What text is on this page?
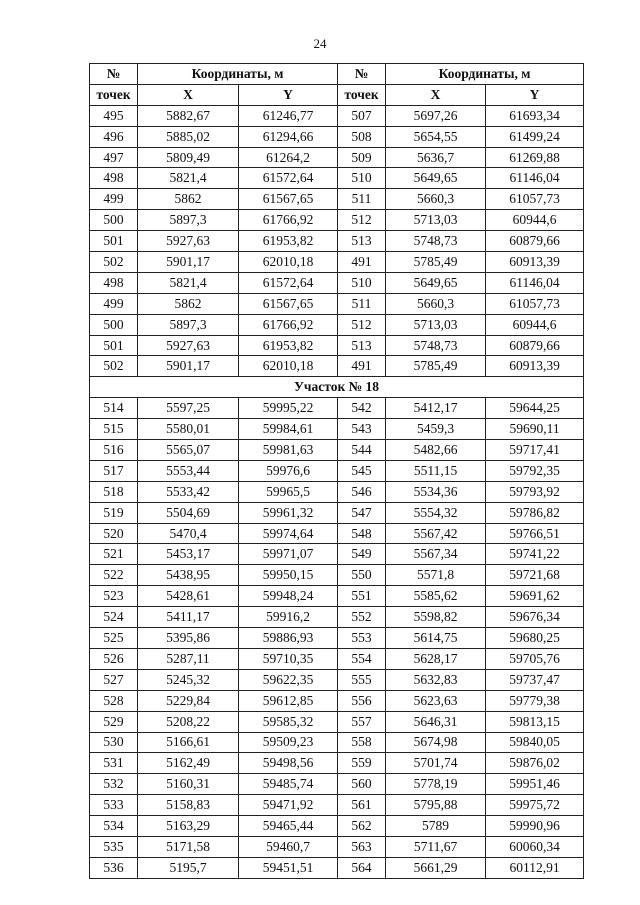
24
№	Координаты, м		№	Координаты, м	
точек	X	Y	точек	X	Y
495	5882,67	61246,77	507	5697,26	61693,34
496	5885,02	61294,66	508	5654,55	61499,24
497	5809,49	61264,2	509	5636,7	61269,88
498	5821,4	61572,64	510	5649,65	61146,04
499	5862	61567,65	511	5660,3	61057,73
500	5897,3	61766,92	512	5713,03	60944,6
501	5927,63	61953,82	513	5748,73	60879,66
502	5901,17	62010,18	491	5785,49	60913,39
498	5821,4	61572,64	510	5649,65	61146,04
499	5862	61567,65	511	5660,3	61057,73
500	5897,3	61766,92	512	5713,03	60944,6
501	5927,63	61953,82	513	5748,73	60879,66
502	5901,17	62010,18	491	5785,49	60913,39
Участок № 18					
514	5597,25	59995,22	542	5412,17	59644,25
515	5580,01	59984,61	543	5459,3	59690,11
516	5565,07	59981,63	544	5482,66	59717,41
517	5553,44	59976,6	545	5511,15	59792,35
518	5533,42	59965,5	546	5534,36	59793,92
519	5504,69	59961,32	547	5554,32	59786,82
520	5470,4	59974,64	548	5567,42	59766,51
521	5453,17	59971,07	549	5567,34	59741,22
522	5438,95	59950,15	550	5571,8	59721,68
523	5428,61	59948,24	551	5585,62	59691,62
524	5411,17	59916,2	552	5598,82	59676,34
525	5395,86	59886,93	553	5614,75	59680,25
526	5287,11	59710,35	554	5628,17	59705,76
527	5245,32	59622,35	555	5632,83	59737,47
528	5229,84	59612,85	556	5623,63	59779,38
529	5208,22	59585,32	557	5646,31	59813,15
530	5166,61	59509,23	558	5674,98	59840,05
531	5162,49	59498,56	559	5701,74	59876,02
532	5160,31	59485,74	560	5778,19	59951,46
533	5158,83	59471,92	561	5795,88	59975,72
534	5163,29	59465,44	562	5789	59990,96
535	5171,58	59460,7	563	5711,67	60060,34
536	5195,7	59451,51	564	5661,29	60112,91
